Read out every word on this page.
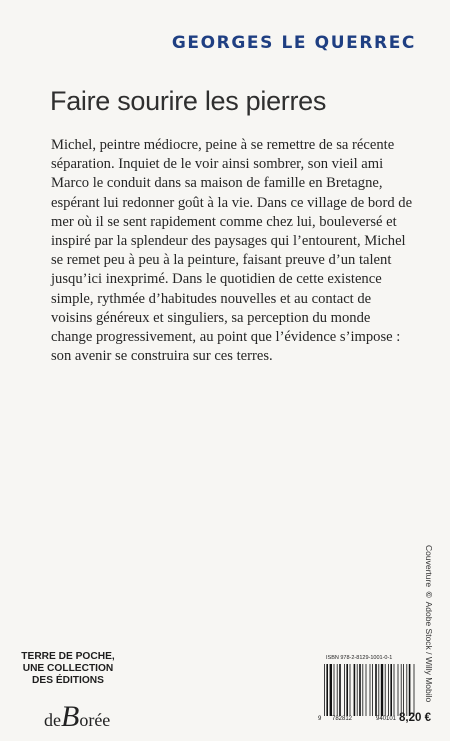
GEORGES LE QUERREC
Faire sourire les pierres
Michel, peintre médiocre, peine à se remettre de sa récente
séparation. Inquiet de le voir ainsi sombrer, son vieil ami
Marco le conduit dans sa maison de famille en Bretagne,
espérant lui redonner goût à la vie. Dans ce village de bord de
mer où il se sent rapidement comme chez lui, bouleversé et
inspiré par la splendeur des paysages qui l’entourent, Michel
se remet peu à peu à la peinture, faisant preuve d’un talent
jusqu’ici inexprimé. Dans le quotidien de cette existence
simple, rythmée d’habitudes nouvelles et au contact de
voisins généreux et singuliers, sa perception du monde
change progressivement, au point que l’évidence s’impose :
son avenir se construira sur ces terres.
Couverture © Adobe Stock / Willy Mobilo
TERRE DE POCHE,
UNE COLLECTION
DES ÉDITIONS
deBorée
ISBN 978-2-8129-1001-0-1
9 782812	940101 8,20 €
